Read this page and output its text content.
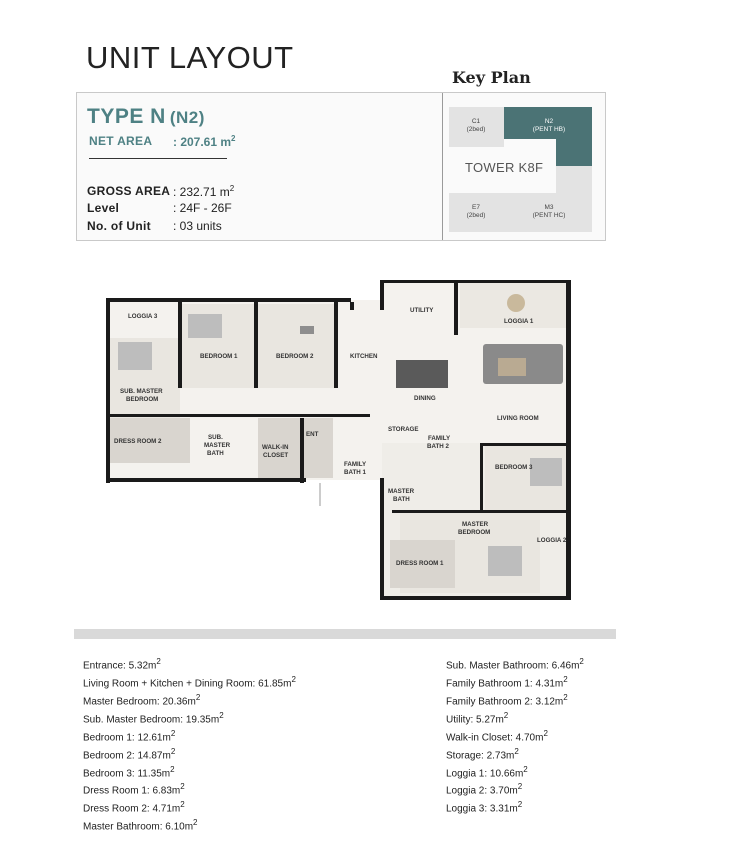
UNIT LAYOUT
Key Plan
TYPE N (N2)
NET AREA : 207.61 $m^2$
GROSS AREA : 232.71 $m^2$
Level	: 24F - 26F
No. of Unit : 03 units
C1
(2bed)
N2
(PENT HB)
E7
(2bed)
M3
(PENT HC)
TOWER K8F
LOGGIA 3
BEDROOM 1	BEDROOM 2	KITCHEN
UTILITY
LOGGIA 1
SUB. MASTER
BEDROOM	DINING
LIVING ROOM
DRESS ROOM 2
SUB.
MASTER
BATH
WALK-IN
CLOSET
ENT
STORAGE
FAMILY
BATH 2
FAMILY
BATH 1
BEDROOM 3
MASTER
BATH
MASTER
BEDROOM
LOGGIA 2
DRESS ROOM 1
Entrance: $5.32m^2$
Living Room + Kitchen + Dining Room: $61.85m^2$
Master Bedroom: $20.36m^2$
Sub. Master Bedroom: $19.35m^2$
Bedroom 1: $12.61m^2$
Bedroom 2: $14.87m^2$
Bedroom 3: $11.35m^2$
Dress Room 1: $6.83m^2$
Dress Room 2: $4.71m^2$
Master Bathroom: $6.10m^2$
Sub. Master Bathroom: $6.46m^2$
Family Bathroom 1: $4.31m^2$
Family Bathroom 2: $3.12m^2$
Utility: $5.27m^2$
Walk-in Closet: $4.70m^2$
Storage: $2.73m^2$
Loggia 1: $10.66m^2$
Loggia 2: $3.70m^2$
Loggia 3: $3.31m^2$
